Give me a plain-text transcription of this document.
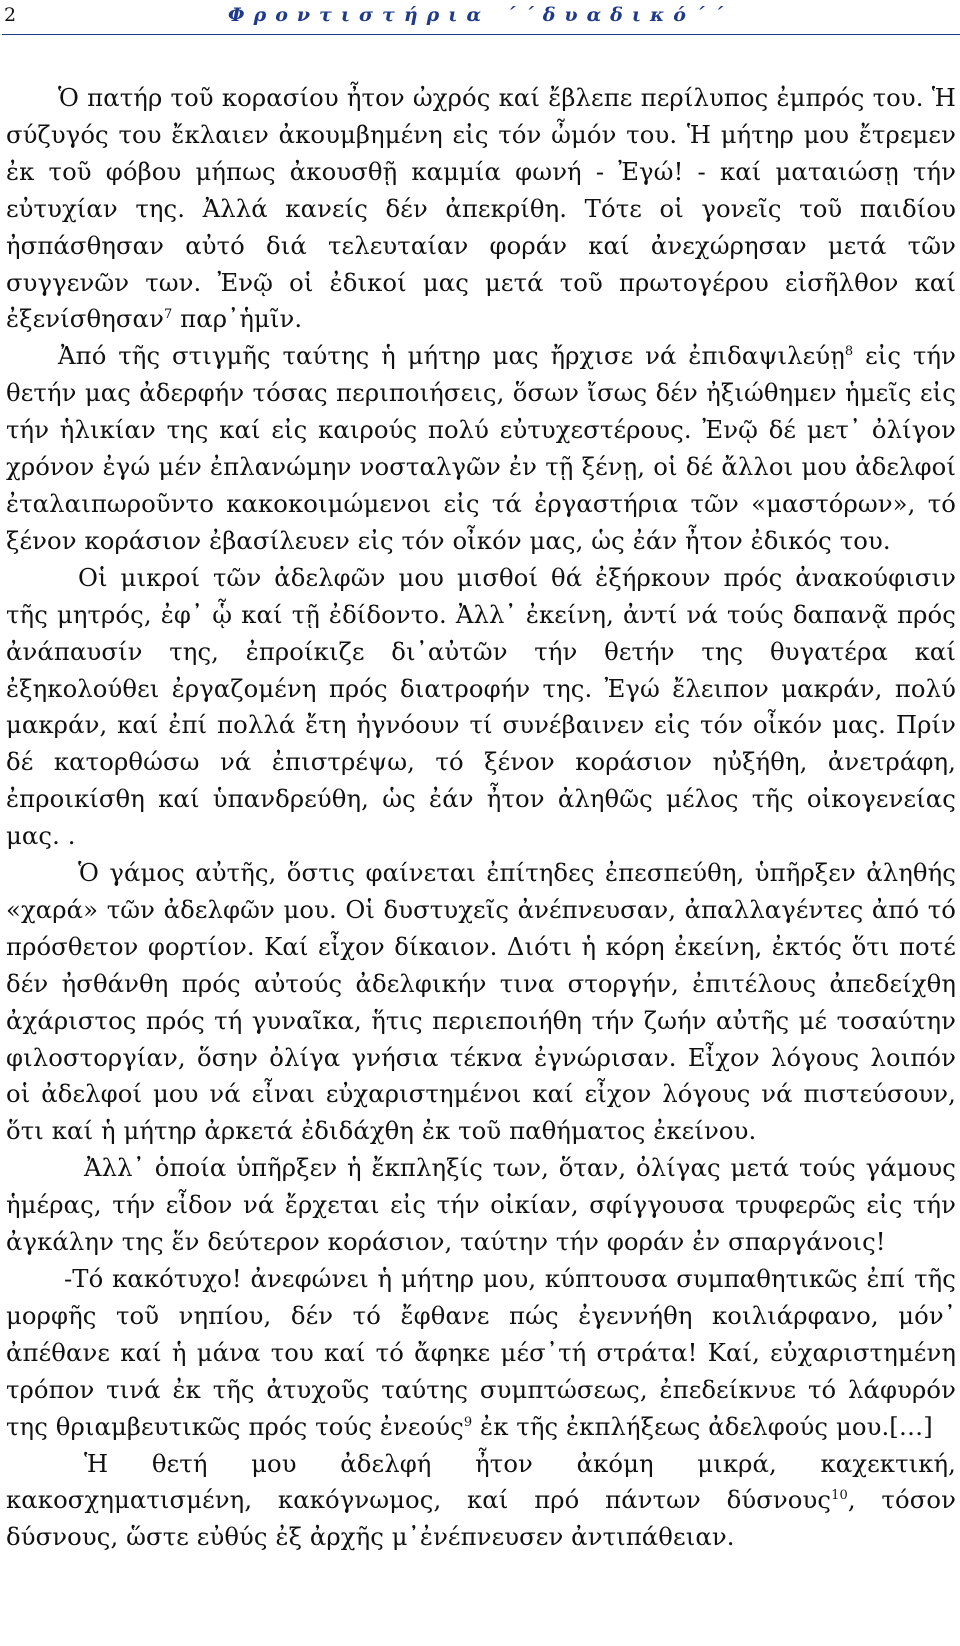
2	Φροντιστήρια ΄΄δυαδικό΄΄

Ὁ πατήρ τοῦ κορασίου ἦτον ὠχρός καί ἔβλεπε περίλυπος ἐμπρός του. Ἡ σύζυγός του ἔκλαιεν ἀκουμβημένη εἰς τόν ὦμόν του. Ἡ μήτηρ μου ἔτρεμεν ἐκ τοῦ φόβου μήπως ἀκουσθῇ καμμία φωνή - Ἐγώ! - καί ματαιώσῃ τήν εὐτυχίαν της. Ἀλλά κανείς δέν ἀπεκρίθη. Τότε οἱ γονεῖς τοῦ παιδίου ἠσπάσθησαν αὐτό διά τελευταίαν φοράν καί ἀνεχώρησαν μετά τῶν συγγενῶν των. Ἐνῷ οἱ ἐδικοί μας μετά τοῦ πρωτογέρου εἰσῆλθον καί ἐξενίσθησαν$^7$ παρ᾽ἡμῖν.

Ἀπό τῆς στιγμῆς ταύτης ἡ μήτηρ μας ἤρχισε νά ἐπιδαψιλεύῃ$^8$ εἰς τήν θετήν μας ἀδερφήν τόσας περιποιήσεις, ὅσων ἴσως δέν ἠξιώθημεν ἡμεῖς εἰς τήν ἡλικίαν της καί εἰς καιρούς πολύ εὐτυχεστέρους. Ἐνῷ δέ μετ᾽ ὀλίγον χρόνον ἐγώ μέν ἐπλανώμην νοσταλγῶν ἐν τῇ ξένῃ, οἱ δέ ἄλλοι μου ἀδελφοί ἐταλαιπωροῦντο κακοκοιμώμενοι εἰς τά ἐργαστήρια τῶν «μαστόρων», τό ξένον κοράσιον ἐβασίλευεν εἰς τόν οἶκόν μας, ὡς ἐάν ἦτον ἐδικός του.

Οἱ μικροί τῶν ἀδελφῶν μου μισθοί θά ἐξήρκουν πρός ἀνακούφισιν τῆς μητρός, ἐφ᾽ ᾧ καί τῇ ἐδίδοντο. Ἀλλ᾽ ἐκείνη, ἀντί νά τούς δαπανᾷ πρός ἀνάπαυσίν της, ἐπροίκιζε δι᾽αὐτῶν τήν θετήν της θυγατέρα καί ἐξηκολούθει ἐργαζομένη πρός διατροφήν της. Ἐγώ ἔλειπον μακράν, πολύ μακράν, καί ἐπί πολλά ἔτη ἠγνόουν τί συνέβαινεν εἰς τόν οἶκόν μας. Πρίν δέ κατορθώσω νά ἐπιστρέψω, τό ξένον κοράσιον ηὐξήθη, ἀνετράφη, ἐπροικίσθη καί ὑπανδρεύθη, ὡς ἐάν ἦτον ἀληθῶς μέλος τῆς οἰκογενείας μας. .

Ὁ γάμος αὐτῆς, ὅστις φαίνεται ἐπίτηδες ἐπεσπεύθη, ὑπῆρξεν ἀληθής «χαρά» τῶν ἀδελφῶν μου. Οἱ δυστυχεῖς ἀνέπνευσαν, ἀπαλλαγέντες ἀπό τό πρόσθετον φορτίον. Καί εἶχον δίκαιον. Διότι ἡ κόρη ἐκείνη, ἐκτός ὅτι ποτέ δέν ἠσθάνθη πρός αὐτούς ἀδελφικήν τινα στοργήν, ἐπιτέλους ἀπεδείχθη ἀχάριστος πρός τή γυναῖκα, ἥτις περιεποιήθη τήν ζωήν αὐτῆς μέ τοσαύτην φιλοστοργίαν, ὅσην ὀλίγα γνήσια τέκνα ἐγνώρισαν. Εἶχον λόγους λοιπόν οἱ ἀδελφοί μου νά εἶναι εὐχαριστημένοι καί εἶχον λόγους νά πιστεύσουν, ὅτι καί ἡ μήτηρ ἀρκετά ἐδιδάχθη ἐκ τοῦ παθήματος ἐκείνου.

Ἀλλ᾽ ὁποία ὑπῆρξεν ἡ ἔκπληξίς των, ὅταν, ὀλίγας μετά τούς γάμους ἡμέρας, τήν εἶδον νά ἔρχεται εἰς τήν οἰκίαν, σφίγγουσα τρυφερῶς εἰς τήν ἀγκάλην της ἕν δεύτερον κοράσιον, ταύτην τήν φοράν ἐν σπαργάνοις!

-Τό κακότυχο! ἀνεφώνει ἡ μήτηρ μου, κύπτουσα συμπαθητικῶς ἐπί τῆς μορφῆς τοῦ νηπίου, δέν τό ἔφθανε πώς ἐγεννήθη κοιλιάρφανο, μόν᾽ ἀπέθανε καί ἡ μάνα του καί τό ἄφηκε μέσ᾽τή στράτα! Καί, εὐχαριστημένη τρόπον τινά ἐκ τῆς ἀτυχοῦς ταύτης συμπτώσεως, ἐπεδείκνυε τό λάφυρόν της θριαμβευτικῶς πρός τούς ἐνεούς$^9$ ἐκ τῆς ἐκπλήξεως ἀδελφούς μου.[…]

Ἡ θετή μου ἀδελφή ἦτον ἀκόμη μικρά, καχεκτική, κακοσχηματισμένη, κακόγνωμος, καί πρό πάντων δύσνους$^{10}$, τόσον δύσνους, ὥστε εὐθύς ἐξ ἀρχῆς μ᾽ἐνέπνευσεν ἀντιπάθειαν.
